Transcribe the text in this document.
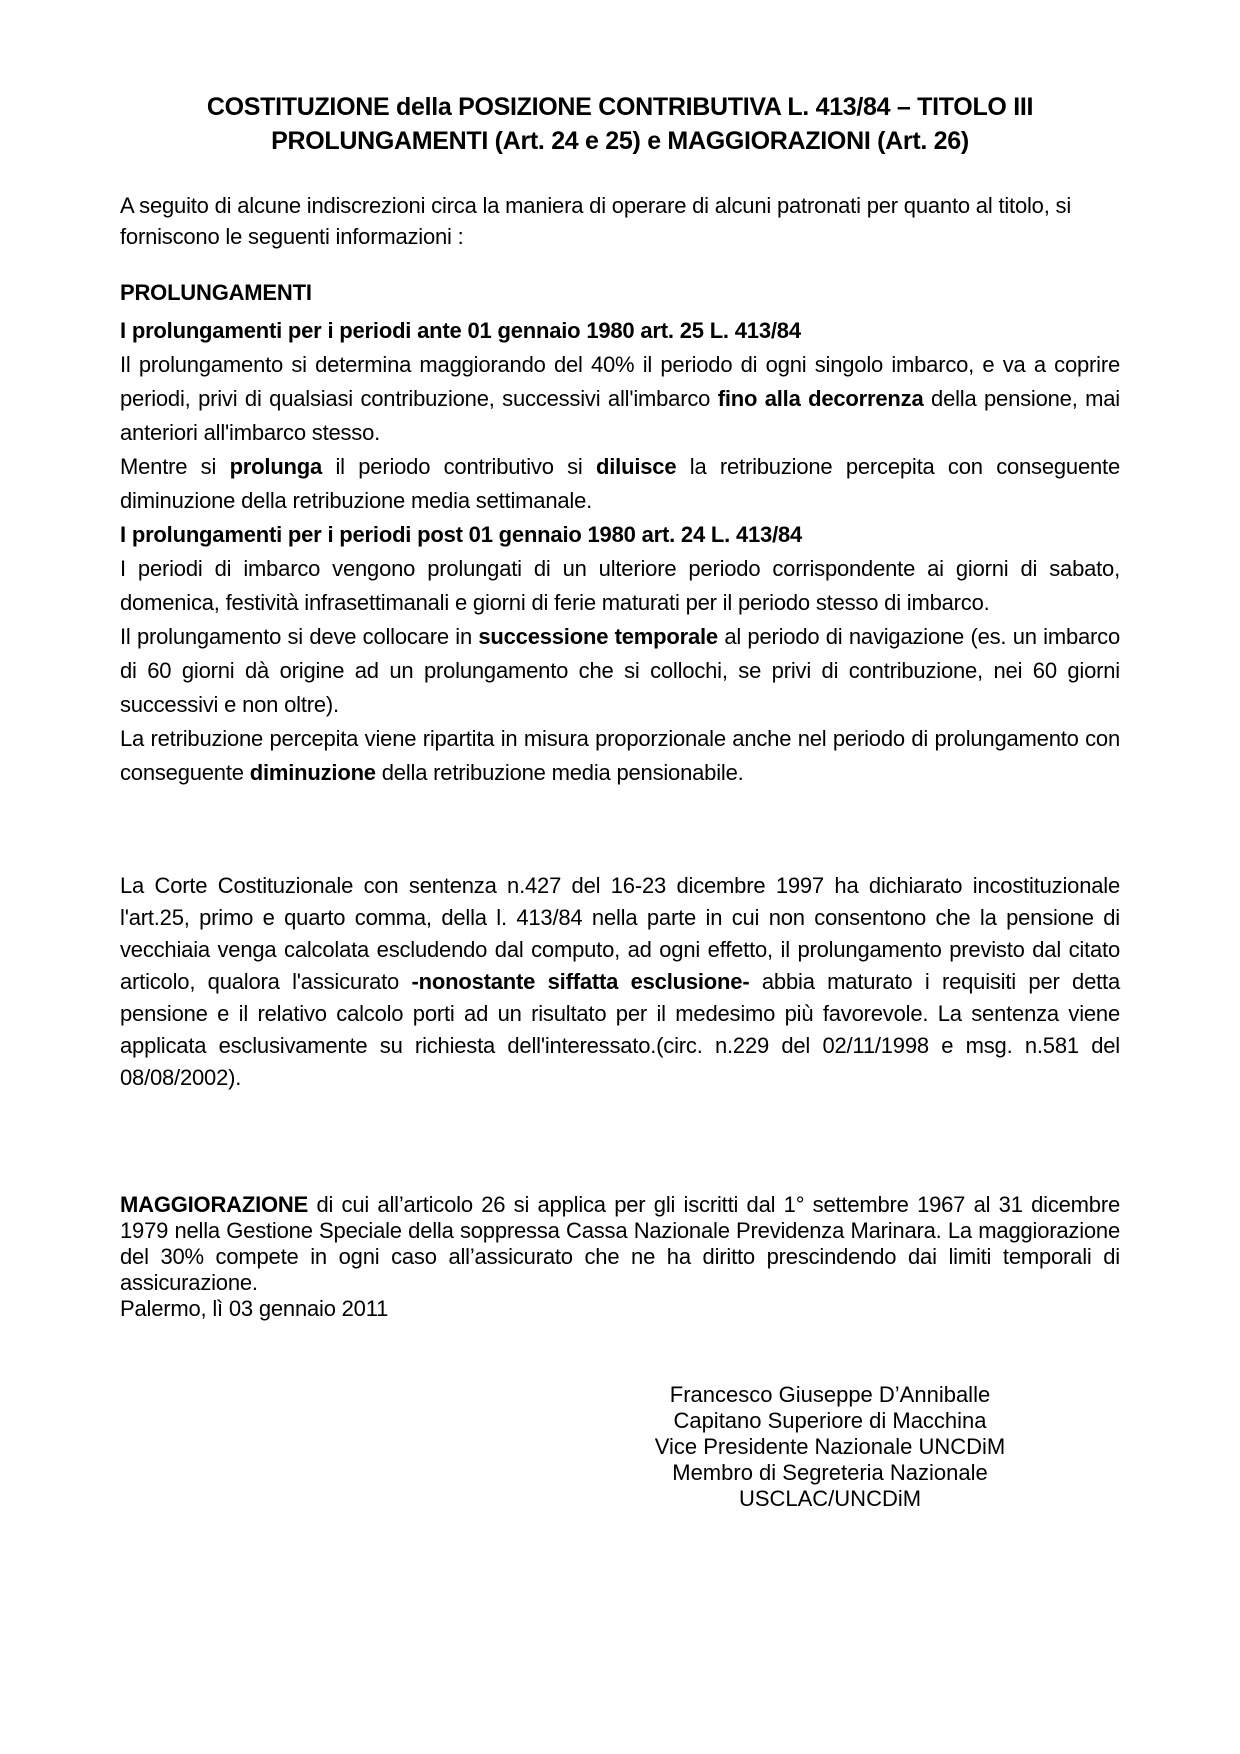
COSTITUZIONE della POSIZIONE CONTRIBUTIVA L. 413/84 – TITOLO III
PROLUNGAMENTI (Art. 24 e 25) e MAGGIORAZIONI (Art. 26)

A seguito di alcune indiscrezioni circa la maniera di operare di alcuni patronati per quanto al titolo, si forniscono le seguenti informazioni :

PROLUNGAMENTI

I prolungamenti per i periodi ante 01 gennaio 1980 art. 25 L. 413/84

Il prolungamento si determina maggiorando del 40% il periodo di ogni singolo imbarco, e va a coprire periodi, privi di qualsiasi contribuzione, successivi all'imbarco fino alla decorrenza della pensione, mai anteriori all'imbarco stesso.

Mentre si prolunga il periodo contributivo si diluisce la retribuzione percepita con conseguente diminuzione della retribuzione media settimanale.

I prolungamenti per i periodi post 01 gennaio 1980 art. 24 L. 413/84

I periodi di imbarco vengono prolungati di un ulteriore periodo corrispondente ai giorni di sabato, domenica, festività infrasettimanali e giorni di ferie maturati per il periodo stesso di imbarco.

Il prolungamento si deve collocare in successione temporale al periodo di navigazione (es. un imbarco di 60 giorni dà origine ad un prolungamento che si collochi, se privi di contribuzione, nei 60 giorni successivi e non oltre).

La retribuzione percepita viene ripartita in misura proporzionale anche nel periodo di prolungamento con conseguente diminuzione della retribuzione media pensionabile.

La Corte Costituzionale con sentenza n.427 del 16-23 dicembre 1997 ha dichiarato incostituzionale l'art.25, primo e quarto comma, della l. 413/84 nella parte in cui non consentono che la pensione di vecchiaia venga calcolata escludendo dal computo, ad ogni effetto, il prolungamento previsto dal citato articolo, qualora l'assicurato -nonostante siffatta esclusione- abbia maturato i requisiti per detta pensione e il relativo calcolo porti ad un risultato per il medesimo più favorevole. La sentenza viene applicata esclusivamente su richiesta dell'interessato.(circ. n.229 del 02/11/1998 e msg. n.581 del 08/08/2002).

MAGGIORAZIONE di cui all’articolo 26 si applica per gli iscritti dal 1° settembre 1967 al 31 dicembre 1979 nella Gestione Speciale della soppressa Cassa Nazionale Previdenza Marinara. La maggiorazione del 30% compete in ogni caso all’assicurato che ne ha diritto prescindendo dai limiti temporali di assicurazione.

Palermo, lì 03 gennaio 2011

Francesco Giuseppe D’Anniballe
Capitano Superiore di Macchina
Vice Presidente Nazionale UNCDiM
Membro di Segreteria Nazionale
USCLAC/UNCDiM
